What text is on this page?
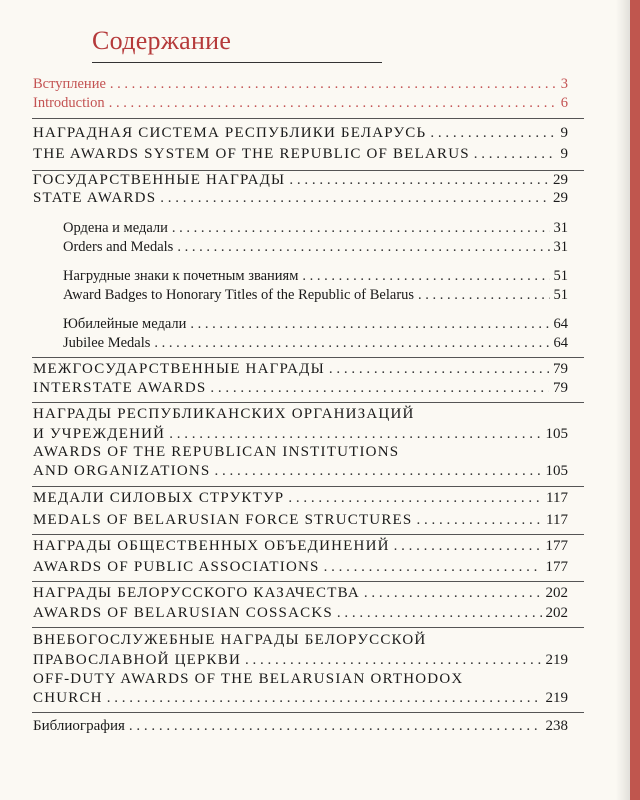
Содержание
Вступление . . .	3
Introduction . . .	6
НАГРАДНАЯ СИСТЕМА РЕСПУБЛИКИ БЕЛАРУСЬ . . .	9
THE AWARDS SYSTEM OF THE REPUBLIC OF BELARUS . . .	9
ГОСУДАРСТВЕННЫЕ НАГРАДЫ . . .	29
STATE AWARDS . . .	29
Ордена и медали . . .	31
Orders and Medals . . .	31
Нагрудные знаки к почетным званиям . . .	51
Award Badges to Honorary Titles of the Republic of Belarus . . .	51
Юбилейные медали . . .	64
Jubilee Medals . . .	64
МЕЖГОСУДАРСТВЕННЫЕ НАГРАДЫ . . .	79
INTERSTATE AWARDS . . .	79
НАГРАДЫ РЕСПУБЛИКАНСКИХ ОРГАНИЗАЦИЙ
И УЧРЕЖДЕНИЙ . . .	105
AWARDS OF THE REPUBLICAN INSTITUTIONS
AND ORGANIZATIONS . . .	105
МЕДАЛИ СИЛОВЫХ СТРУКТУР . . .	117
MEDALS OF BELARUSIAN FORCE STRUCTURES . . .	117
НАГРАДЫ ОБЩЕСТВЕННЫХ ОБЪЕДИНЕНИЙ . . .	177
AWARDS OF PUBLIC ASSOCIATIONS . . .	177
НАГРАДЫ БЕЛОРУССКОГО КАЗАЧЕСТВА . . .	202
AWARDS OF BELARUSIAN COSSACKS . . .	202
ВНЕБОГОСЛУЖЕБНЫЕ НАГРАДЫ БЕЛОРУССКОЙ
ПРАВОСЛАВНОЙ ЦЕРКВИ . . .	219
OFF-DUTY AWARDS OF THE BELARUSIAN ORTHODOX
CHURCH . . .	219
Библиография . . .	238
